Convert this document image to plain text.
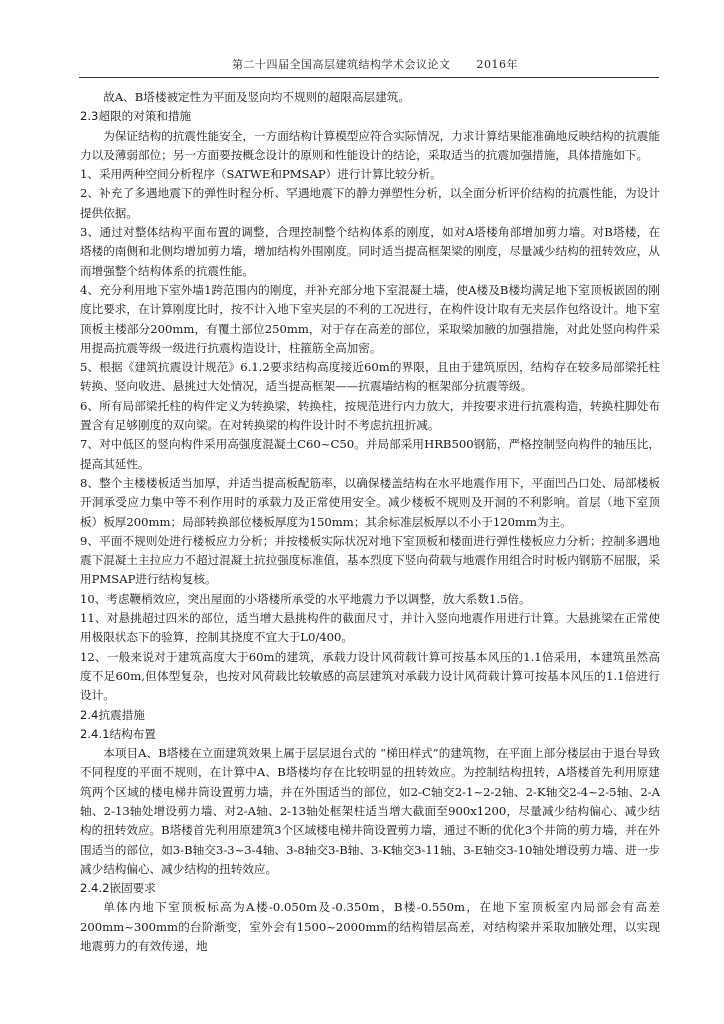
第二十四届全国高层建筑结构学术会议论文 2016年

故A、B塔楼被定性为平面及竖向均不规则的超限高层建筑。

2.3超限的对策和措施

为保证结构的抗震性能安全，一方面结构计算模型应符合实际情况，力求计算结果能准确地反映结构的抗震能力以及薄弱部位；另一方面要按概念设计的原则和性能设计的结论，采取适当的抗震加强措施，具体措施如下。

1、采用两种空间分析程序（SATWE和PMSAP）进行计算比较分析。

2、补充了多遇地震下的弹性时程分析、罕遇地震下的静力弹塑性分析，以全面分析评价结构的抗震性能，为设计提供依据。

3、通过对整体结构平面布置的调整，合理控制整个结构体系的刚度，如对A塔楼角部增加剪力墙。对B塔楼，在塔楼的南侧和北侧均增加剪力墙，增加结构外围刚度。同时适当提高框架梁的刚度，尽量减少结构的扭转效应，从而增强整个结构体系的抗震性能。

4、充分利用地下室外墙1跨范围内的刚度，并补充部分地下室混凝土墙，使A楼及B楼均满足地下室顶板嵌固的刚度比要求，在计算刚度比时，按不计入地下室夹层的不利的工况进行，在构件设计取有无夹层作包络设计。地下室顶板主楼部分200mm，有覆土部位250mm，对于存在高差的部位，采取梁加腋的加强措施，对此处竖向构件采用提高抗震等级一级进行抗震构造设计，柱箍筋全高加密。

5、根据《建筑抗震设计规范》6.1.2要求结构高度接近60m的界限，且由于建筑原因，结构存在较多局部梁托柱转换、竖向收进、悬挑过大处情况，适当提高框架——抗震墙结构的框架部分抗震等级。

6、所有局部梁托柱的构件定义为转换梁，转换柱，按规范进行内力放大，并按要求进行抗震构造，转换柱脚处布置含有足够刚度的双向梁。在对转换梁的构件设计时不考虑抗扭折减。

7、对中低区的竖向构件采用高强度混凝土C60~C50。并局部采用HRB500钢筋，严格控制竖向构件的轴压比，提高其延性。

8、整个主楼楼板适当加厚，并适当提高板配筋率，以确保楼盖结构在水平地震作用下，平面凹凸口处、局部楼板开洞承受应力集中等不利作用时的承载力及正常使用安全。减少楼板不规则及开洞的不利影响。首层（地下室顶板）板厚200mm；局部转换部位楼板厚度为150mm；其余标准层板厚以不小于120mm为主。

9、平面不规则处进行楼板应力分析；并按楼板实际状况对地下室顶板和楼面进行弹性楼板应力分析；控制多遇地震下混凝土主拉应力不超过混凝土抗拉强度标准值，基本烈度下竖向荷载与地震作用组合时时板内钢筋不屈服，采用PMSAP进行结构复核。

10、考虑鞭梢效应，突出屋面的小塔楼所承受的水平地震力予以调整，放大系数1.5倍。

11、对悬挑超过四米的部位，适当增大悬挑构件的截面尺寸，并计入竖向地震作用进行计算。大悬挑梁在正常使用极限状态下的验算，控制其挠度不宜大于L0/400。

12、一般来说对于建筑高度大于60m的建筑，承载力设计风荷载计算可按基本风压的1.1倍采用，本建筑虽然高度不足60m,但体型复杂，也按对风荷载比较敏感的高层建筑对承载力设计风荷载计算可按基本风压的1.1倍进行设计。

2.4抗震措施

2.4.1结构布置

本项目A、B塔楼在立面建筑效果上属于层层退台式的 “梯田样式”的建筑物，在平面上部分楼层由于退台导致不同程度的平面不规则，在计算中A、B塔楼均存在比较明显的扭转效应。为控制结构扭转，A塔楼首先利用原建筑两个区域的楼电梯井筒设置剪力墙，并在外围适当的部位，如2-C轴交2-1~2-2轴、2-K轴交2-4~2-5轴、2-A轴、2-13轴处增设剪力墙、对2-A轴、2-13轴处框架柱适当增大截面至900x1200，尽量减少结构偏心、减少结构的扭转效应。B塔楼首先利用原建筑3个区域楼电梯井筒设置剪力墙，通过不断的优化3个井筒的剪力墙，并在外围适当的部位，如3-B轴交3-3~3-4轴、3-8轴交3-B轴、3-K轴交3-11轴、3-E轴交3-10轴处增设剪力墙、进一步减少结构偏心、减少结构的扭转效应。

2.4.2嵌固要求

单体内地下室顶板标高为A楼-0.050m及-0.350m，B楼-0.550m，在地下室顶板室内局部会有高差200mm~300mm的台阶渐变，室外会有1500~2000mm的结构错层高差，对结构梁并采取加腋处理，以实现地震剪力的有效传递，地
